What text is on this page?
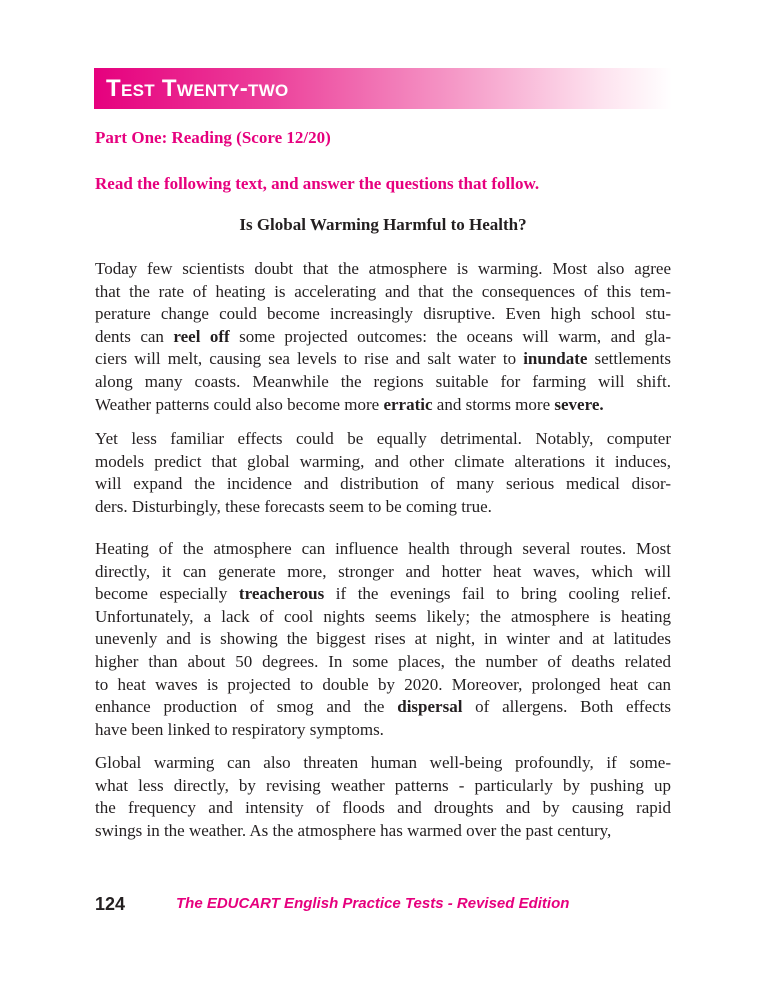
Test Twenty-two

Part One: Reading (Score 12/20)

Read the following text, and answer the questions that follow.

Is Global Warming Harmful to Health?
Today few scientists doubt that the atmosphere is warming. Most also agree
that the rate of heating is accelerating and that the consequences of this tem-
perature change could become increasingly disruptive. Even high school stu-
dents can reel off some projected outcomes: the oceans will warm, and gla-
ciers will melt, causing sea levels to rise and salt water to inundate settlements
along many coasts. Meanwhile the regions suitable for farming will shift.
Weather patterns could also become more erratic and storms more severe.
Yet less familiar effects could be equally detrimental. Notably, computer
models predict that global warming, and other climate alterations it induces,
will expand the incidence and distribution of many serious medical disor-
ders. Disturbingly, these forecasts seem to be coming true.
Heating of the atmosphere can influence health through several routes. Most
directly, it can generate more, stronger and hotter heat waves, which will
become especially treacherous if the evenings fail to bring cooling relief.
Unfortunately, a lack of cool nights seems likely; the atmosphere is heating
unevenly and is showing the biggest rises at night, in winter and at latitudes
higher than about 50 degrees. In some places, the number of deaths related
to heat waves is projected to double by 2020. Moreover, prolonged heat can
enhance production of smog and the dispersal of allergens. Both effects
have been linked to respiratory symptoms.
Global warming can also threaten human well-being profoundly, if some-
what less directly, by revising weather patterns - particularly by pushing up
the frequency and intensity of floods and droughts and by causing rapid
swings in the weather. As the atmosphere has warmed over the past century,

124	The EDUCART English Practice Tests - Revised Edition
